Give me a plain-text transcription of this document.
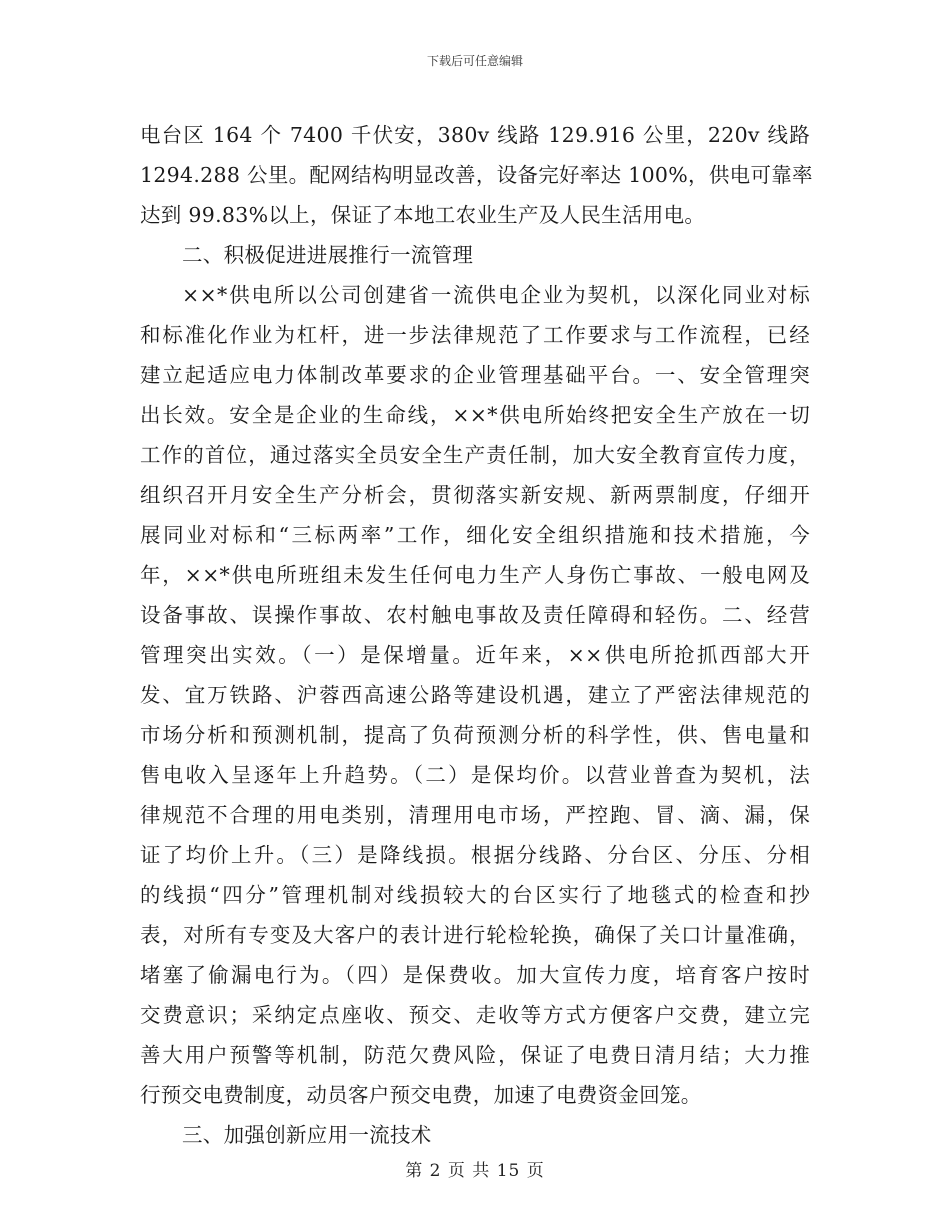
下载后可任意编辑
电台区 164 个 7400 千伏安，380v 线路 129.916 公里，220v 线路
1294.288 公里。配网结构明显改善，设备完好率达 100%，供电可靠率
达到 99.83%以上，保证了本地工农业生产及人民生活用电。
二、积极促进进展推行一流管理
××*供电所以公司创建省一流供电企业为契机，以深化同业对标
和标准化作业为杠杆，进一步法律规范了工作要求与工作流程，已经
建立起适应电力体制改革要求的企业管理基础平台。一、安全管理突
出长效。安全是企业的生命线，××*供电所始终把安全生产放在一切
工作的首位，通过落实全员安全生产责任制，加大安全教育宣传力度，
组织召开月安全生产分析会，贯彻落实新安规、新两票制度，仔细开
展同业对标和“三标两率”工作，细化安全组织措施和技术措施，今
年，××*供电所班组未发生任何电力生产人身伤亡事故、一般电网及
设备事故、误操作事故、农村触电事故及责任障碍和轻伤。二、经营
管理突出实效。（一）是保增量。近年来，××供电所抢抓西部大开
发、宜万铁路、沪蓉西高速公路等建设机遇，建立了严密法律规范的
市场分析和预测机制，提高了负荷预测分析的科学性，供、售电量和
售电收入呈逐年上升趋势。（二）是保均价。以营业普查为契机，法
律规范不合理的用电类别，清理用电市场，严控跑、冒、滴、漏，保
证了均价上升。（三）是降线损。根据分线路、分台区、分压、分相
的线损“四分”管理机制对线损较大的台区实行了地毯式的检查和抄
表，对所有专变及大客户的表计进行轮检轮换，确保了关口计量准确，
堵塞了偷漏电行为。（四）是保费收。加大宣传力度，培育客户按时
交费意识；采纳定点座收、预交、走收等方式方便客户交费，建立完
善大用户预警等机制，防范欠费风险，保证了电费日清月结；大力推
行预交电费制度，动员客户预交电费，加速了电费资金回笼。
三、加强创新应用一流技术
第 2 页 共 15 页
